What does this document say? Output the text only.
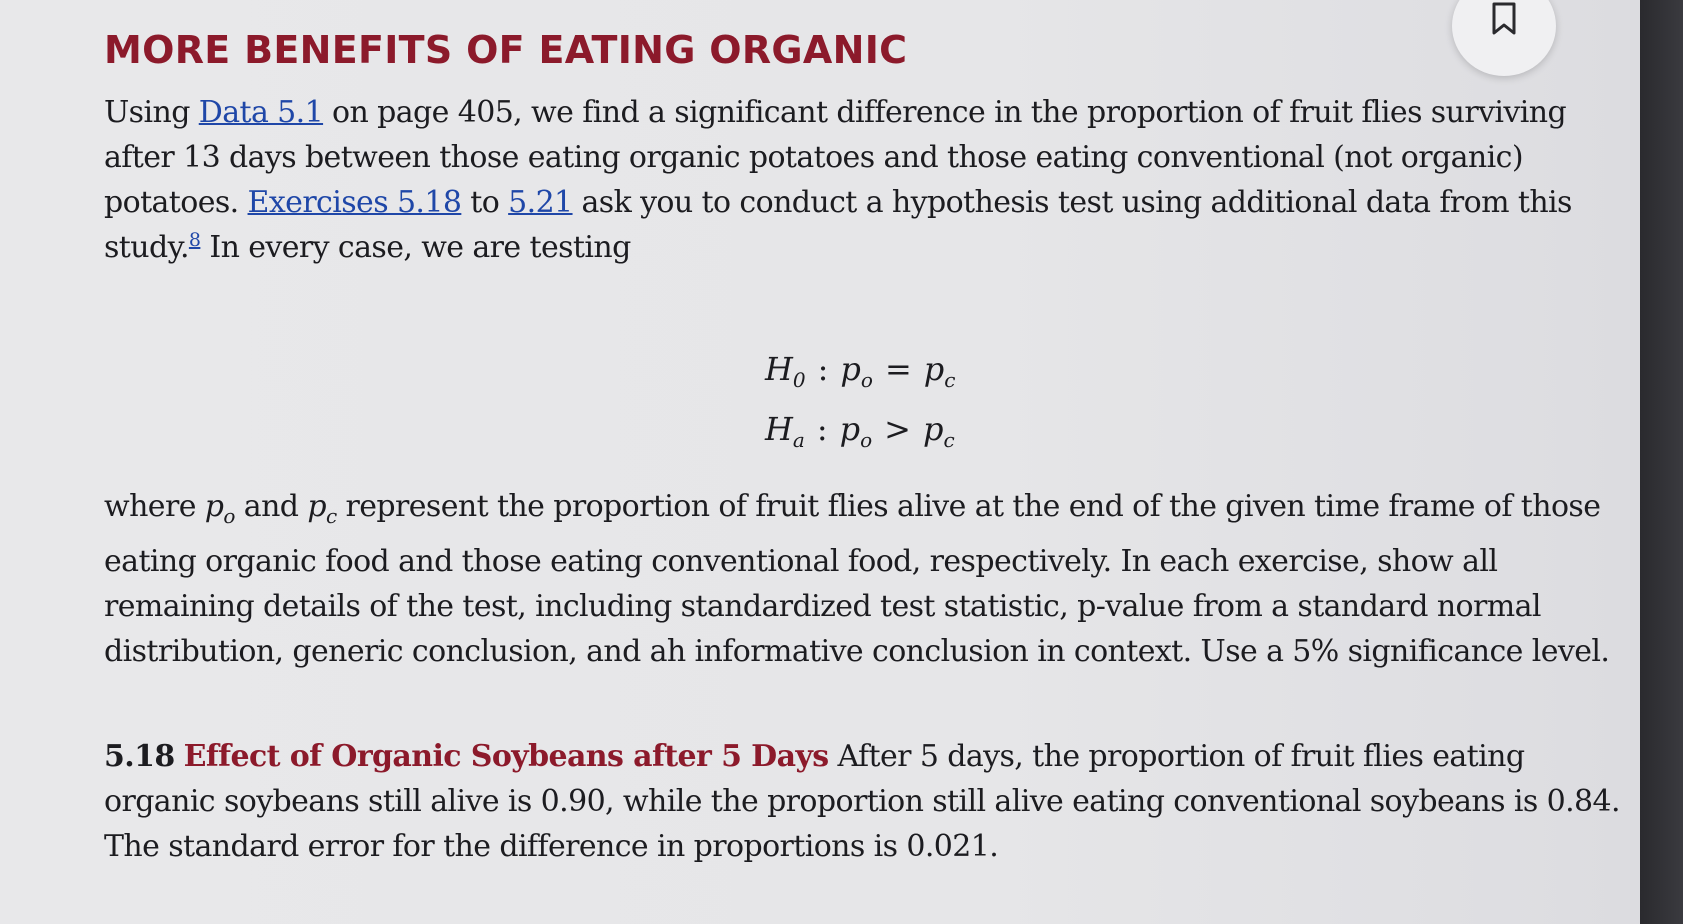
MORE BENEFITS OF EATING ORGANIC

Using Data 5.1 on page 405, we find a significant difference in the proportion of fruit flies surviving after 13 days between those eating organic potatoes and those eating conventional (not organic) potatoes. Exercises 5.18 to 5.21 ask you to conduct a hypothesis test using additional data from this study.$^8$ In every case, we are testing

$H_0$ : $p_o = p_c$
$H_a$ : $p_o > p_c$

where $p_o$ and $p_c$ represent the proportion of fruit flies alive at the end of the given time frame of those eating organic food and those eating conventional food, respectively. In each exercise, show all remaining details of the test, including standardized test statistic, p-value from a standard normal distribution, generic conclusion, and ah informative conclusion in context. Use a 5% significance level.

5.18 Effect of Organic Soybeans after 5 Days After 5 days, the proportion of fruit flies eating organic soybeans still alive is 0.90, while the proportion still alive eating conventional soybeans is 0.84. The standard error for the difference in proportions is 0.021.
